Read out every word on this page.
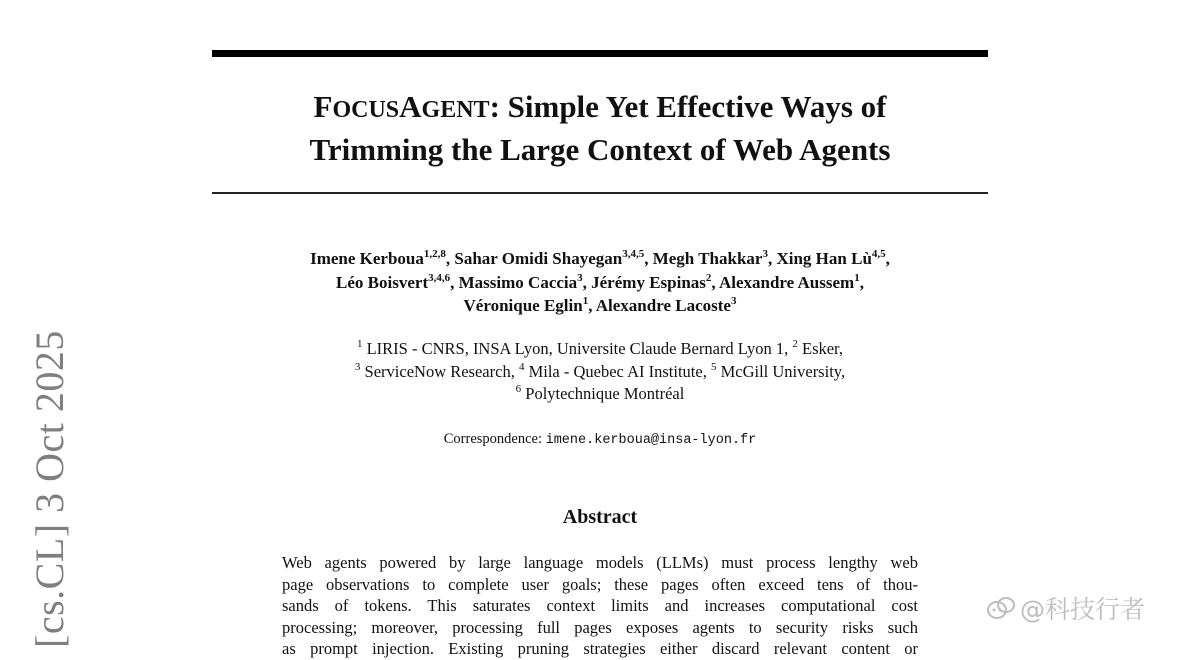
FOCUSAGENT: Simple Yet Effective Ways of
Trimming the Large Context of Web Agents
Imene Kerboua$^{1,2,8}$, Sahar Omidi Shayegan$^{3,4,5}$, Megh Thakkar$^3$, Xing Han Lù$^{4,5}$,
Léo Boisvert$^{3,4,6}$, Massimo Caccia$^3$, Jérémy Espinas$^2$, Alexandre Aussem$^1$,
Véronique Eglin$^1$, Alexandre Lacoste$^3$
$^1$ LIRIS - CNRS, INSA Lyon, Universite Claude Bernard Lyon 1, $^2$ Esker,
$^3$ ServiceNow Research, $^4$ Mila - Quebec AI Institute, $^5$ McGill University,
$^6$ Polytechnique Montréal
Correspondence: imene.kerboua@insa-lyon.fr
Abstract
Web agents powered by large language models (LLMs) must process lengthy web
page observations to complete user goals; these pages often exceed tens of thou-
sands of tokens. This saturates context limits and increases computational cost
processing; moreover, processing full pages exposes agents to security risks such
as prompt injection. Existing pruning strategies either discard relevant content or
[cs.CL] 3 Oct 2025	@科技行者
